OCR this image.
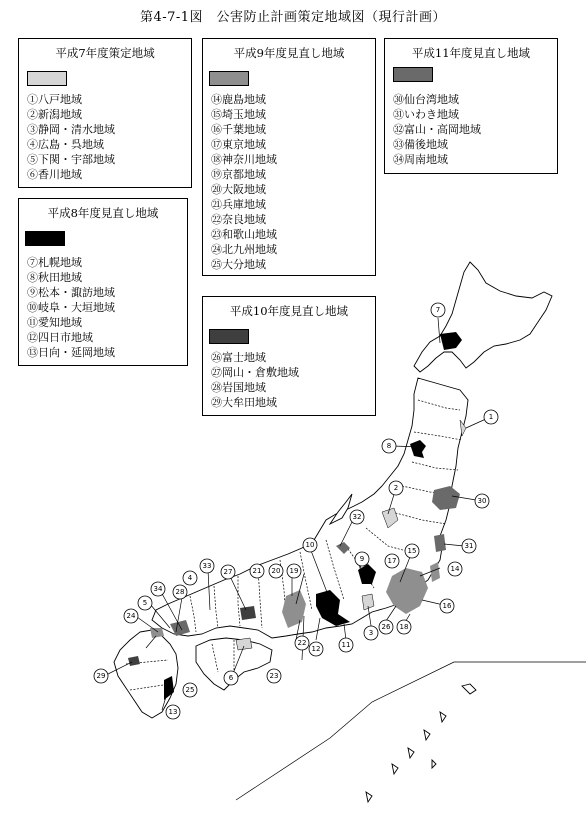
第4-7-1図　公害防止計画策定地域図（現行計画）
7
8
1
30
31
2
32
14
15
17
9
16
18
26
3
10
11
12
19
20
21
27
33
22
23
6
4
28
34
5
24
25
29
13
平成7年度策定地域
①八戸地域
②新潟地域
③静岡・清水地域
④広島・呉地域
⑤下関・宇部地域
⑥香川地域
平成9年度見直し地域
⑭鹿島地域
⑮埼玉地域
⑯千葉地域
⑰東京地域
⑱神奈川地域
⑲京都地域
⑳大阪地域
㉑兵庫地域
㉒奈良地域
㉓和歌山地域
㉔北九州地域
㉕大分地域
平成11年度見直し地域
㉚仙台湾地域
㉛いわき地域
㉜富山・高岡地域
㉝備後地域
㉞周南地域
平成8年度見直し地域
⑦札幌地域
⑧秋田地域
⑨松本・諏訪地域
⑩岐阜・大垣地域
⑪愛知地域
⑫四日市地域
⑬日向・延岡地域
平成10年度見直し地域
㉖富士地域
㉗岡山・倉敷地域
㉘岩国地域
㉙大牟田地域
